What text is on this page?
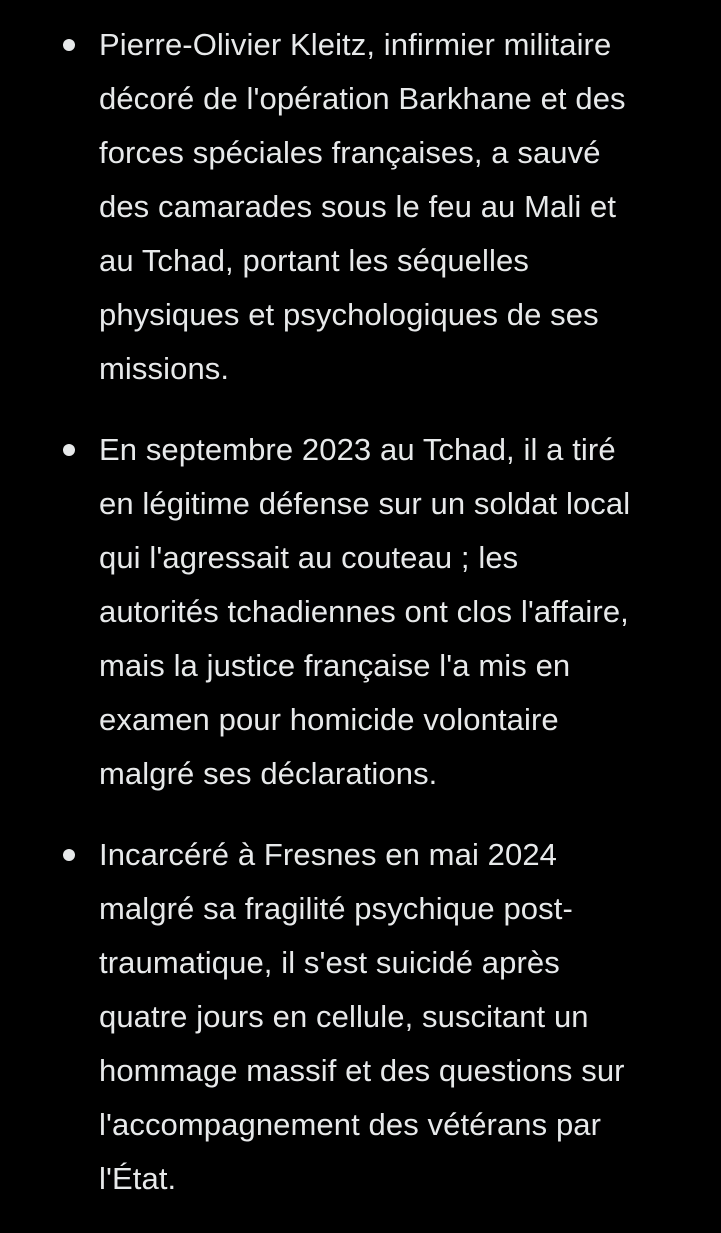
Pierre-Olivier Kleitz, infirmier militaire
décoré de l'opération Barkhane et des
forces spéciales françaises, a sauvé
des camarades sous le feu au Mali et
au Tchad, portant les séquelles
physiques et psychologiques de ses
missions.

En septembre 2023 au Tchad, il a tiré
en légitime défense sur un soldat local
qui l'agressait au couteau ; les
autorités tchadiennes ont clos l'affaire,
mais la justice française l'a mis en
examen pour homicide volontaire
malgré ses déclarations.

Incarcéré à Fresnes en mai 2024
malgré sa fragilité psychique post-
traumatique, il s'est suicidé après
quatre jours en cellule, suscitant un
hommage massif et des questions sur
l'accompagnement des vétérans par
l'État.
